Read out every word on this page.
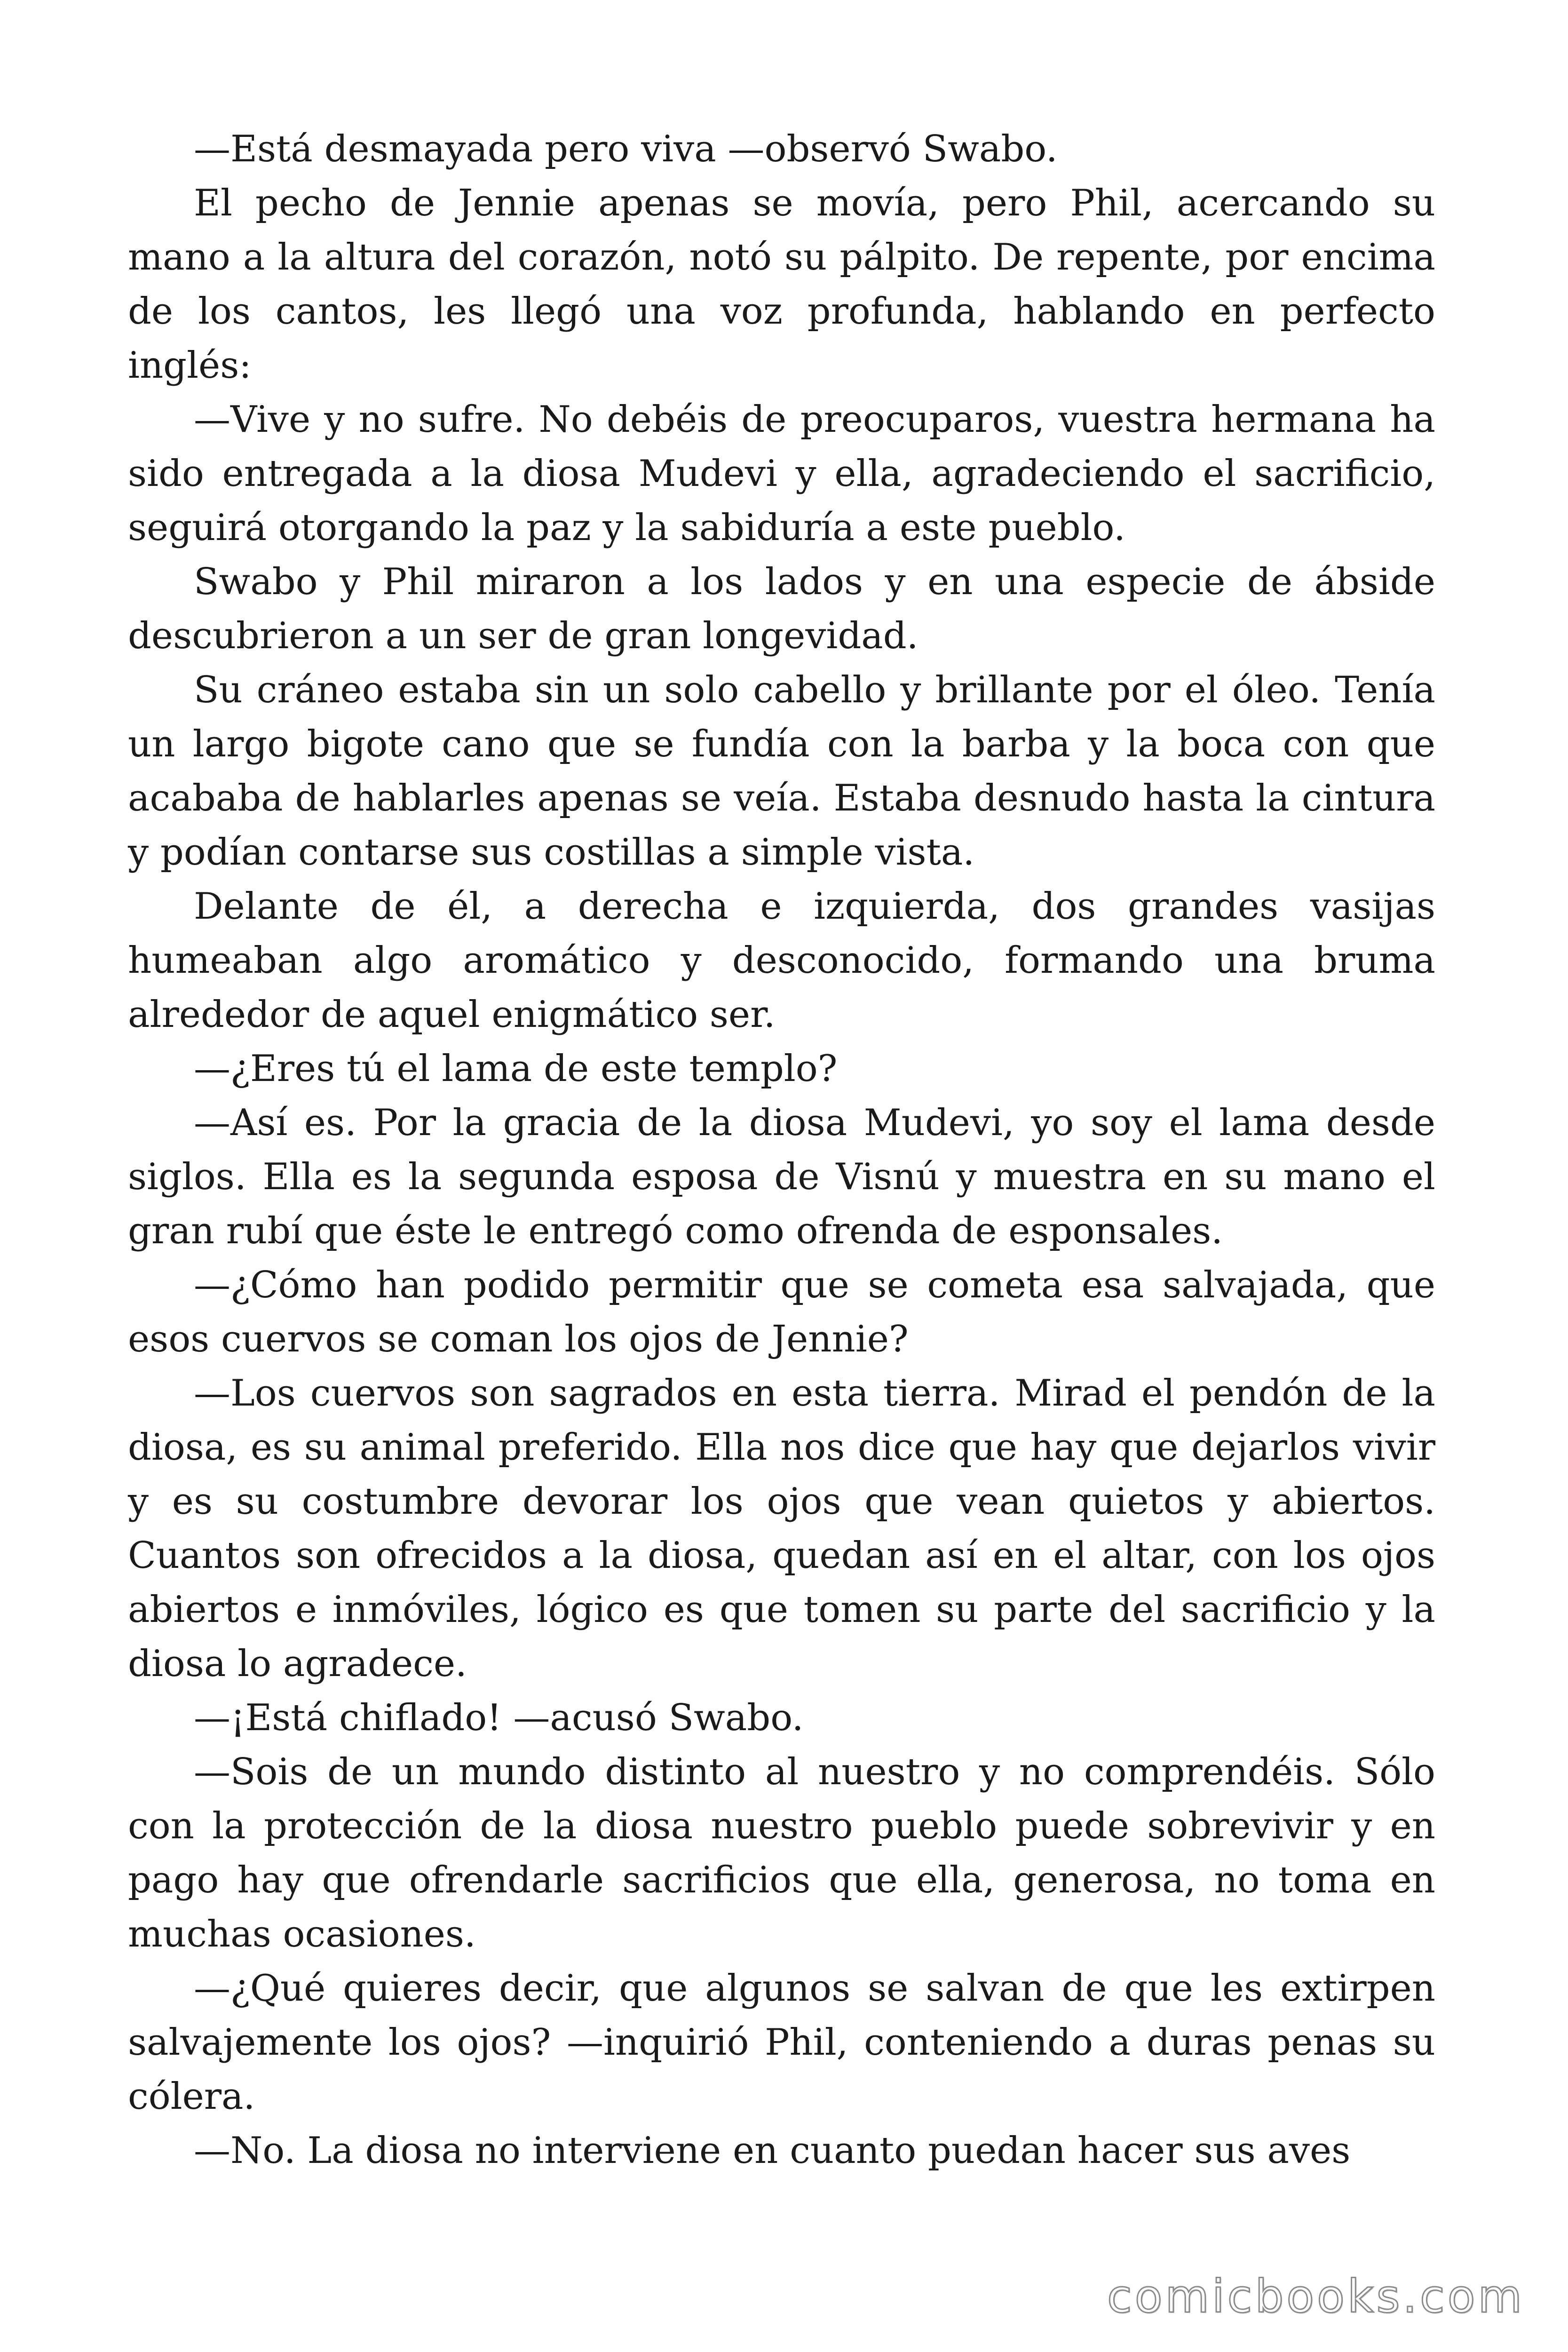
—Está desmayada pero viva —observó Swabo.

El pecho de Jennie apenas se movía, pero Phil, acercando su mano a la altura del corazón, notó su pálpito. De repente, por encima de los cantos, les llegó una voz profunda, hablando en perfecto inglés:

—Vive y no sufre. No debéis de preocuparos, vuestra hermana ha sido entregada a la diosa Mudevi y ella, agradeciendo el sacrificio, seguirá otorgando la paz y la sabiduría a este pueblo.

Swabo y Phil miraron a los lados y en una especie de ábside descubrieron a un ser de gran longevidad.

Su cráneo estaba sin un solo cabello y brillante por el óleo. Tenía un largo bigote cano que se fundía con la barba y la boca con que acababa de hablarles apenas se veía. Estaba desnudo hasta la cintura y podían contarse sus costillas a simple vista.

Delante de él, a derecha e izquierda, dos grandes vasijas humeaban algo aromático y desconocido, formando una bruma alrededor de aquel enigmático ser.

—¿Eres tú el lama de este templo?

—Así es. Por la gracia de la diosa Mudevi, yo soy el lama desde siglos. Ella es la segunda esposa de Visnú y muestra en su mano el gran rubí que éste le entregó como ofrenda de esponsales.

—¿Cómo han podido permitir que se cometa esa salvajada, que esos cuervos se coman los ojos de Jennie?

—Los cuervos son sagrados en esta tierra. Mirad el pendón de la diosa, es su animal preferido. Ella nos dice que hay que dejarlos vivir y es su costumbre devorar los ojos que vean quietos y abiertos. Cuantos son ofrecidos a la diosa, quedan así en el altar, con los ojos abiertos e inmóviles, lógico es que tomen su parte del sacrificio y la diosa lo agradece.

—¡Está chiflado! —acusó Swabo.

—Sois de un mundo distinto al nuestro y no comprendéis. Sólo con la protección de la diosa nuestro pueblo puede sobrevivir y en pago hay que ofrendarle sacrificios que ella, generosa, no toma en muchas ocasiones.

—¿Qué quieres decir, que algunos se salvan de que les extirpen salvajemente los ojos? —inquirió Phil, conteniendo a duras penas su cólera.

—No. La diosa no interviene en cuanto puedan hacer sus aves

comicbooks.com
